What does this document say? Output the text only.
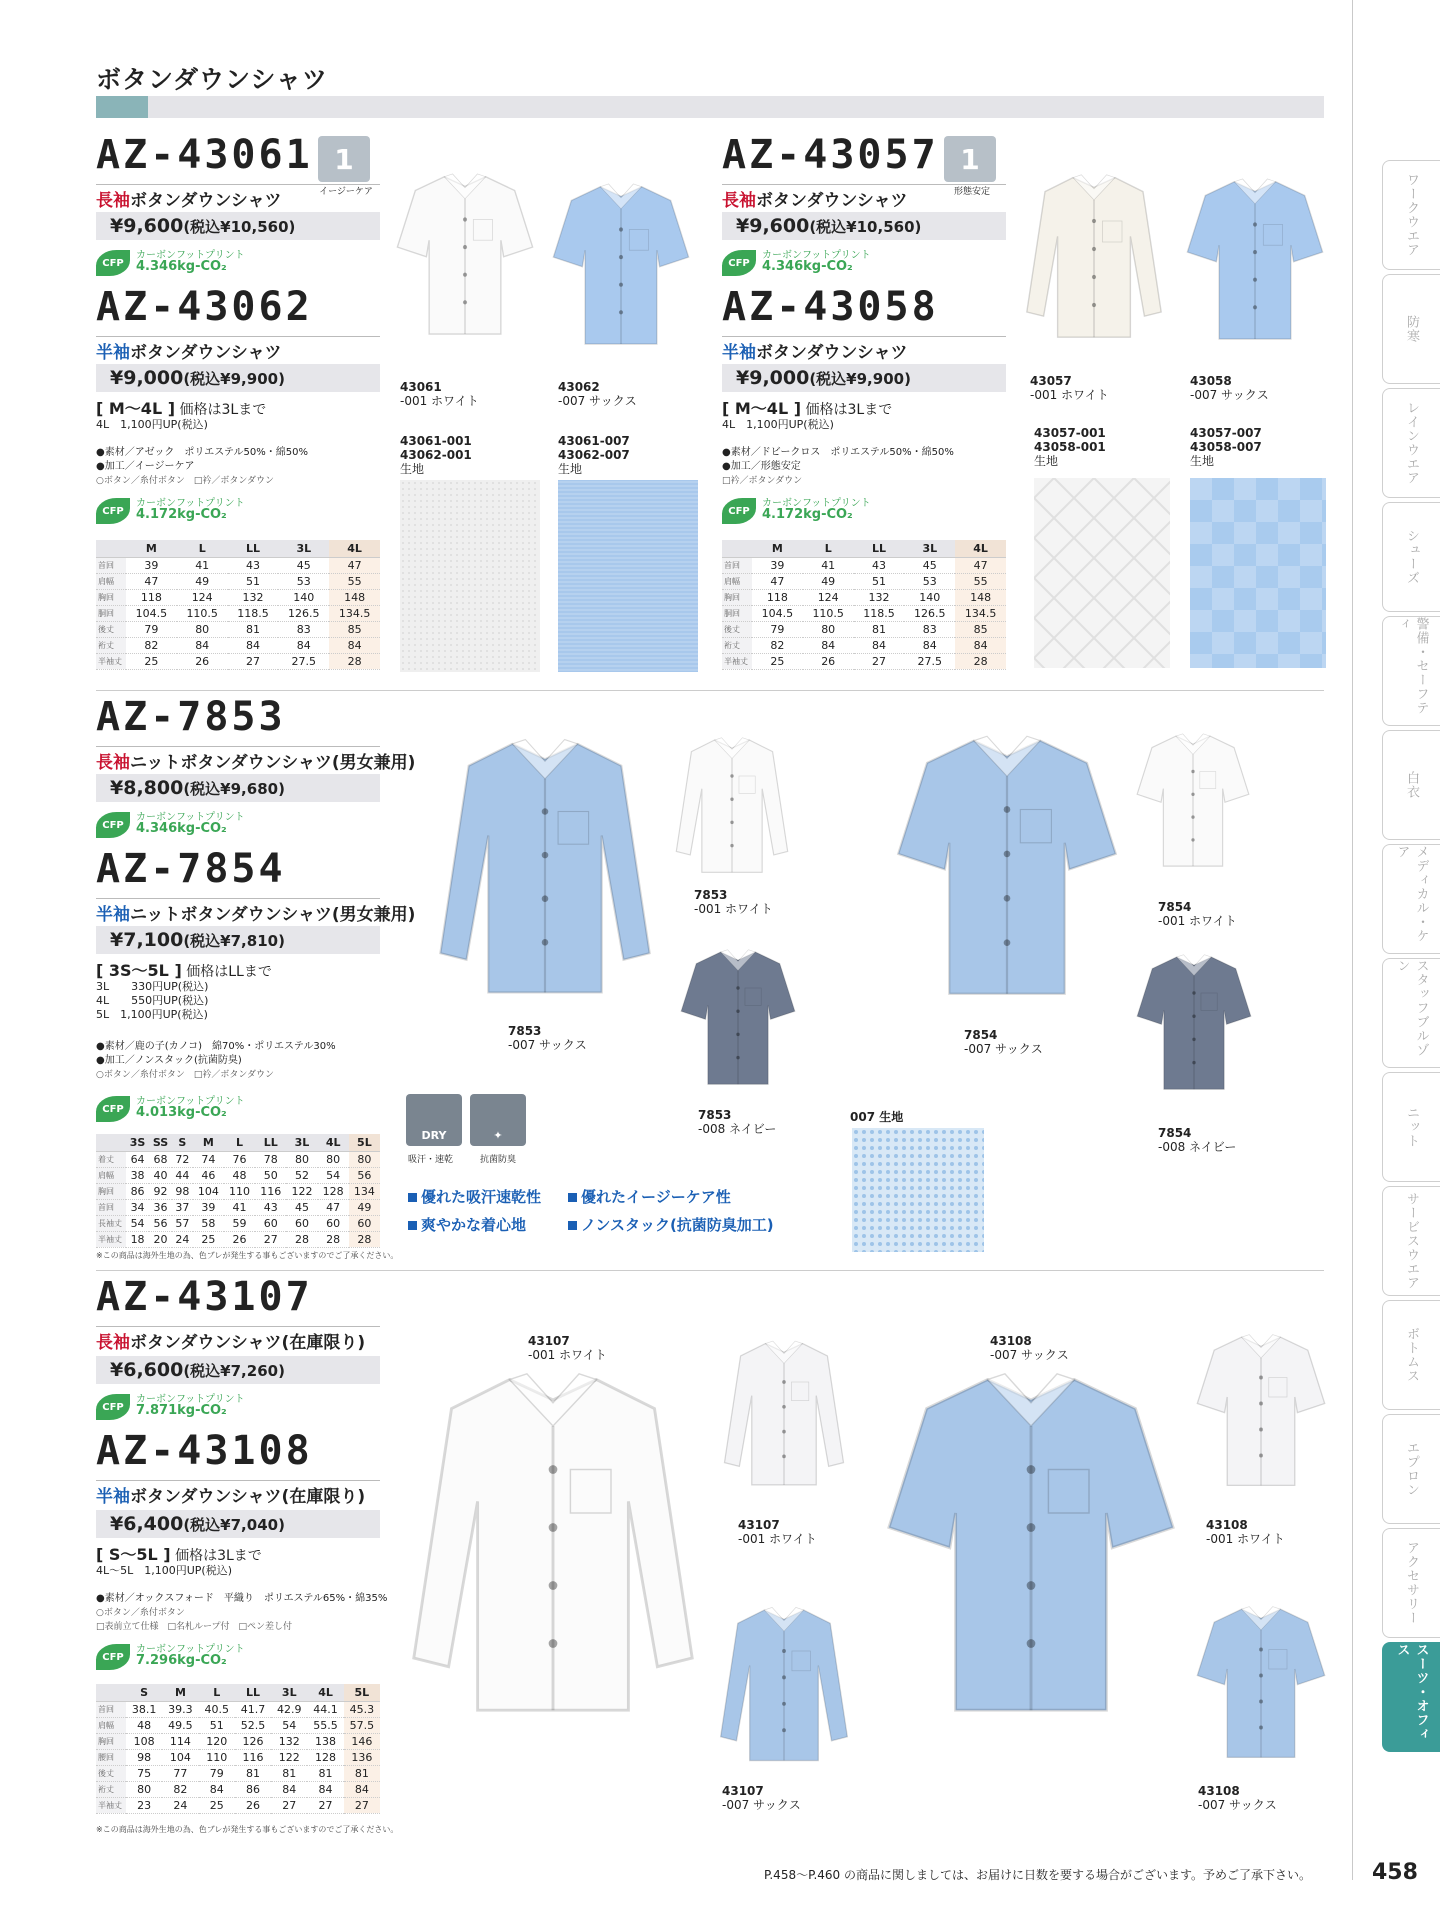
ボタンダウンシャツ
ワークウエア
防寒
レインウエア
シューズ
警備・セーフティ
白衣
メディカル・ケア
スタッフブルゾン
ニット
サービスウエア
ボトムス
エプロン
アクセサリー
スーツ・オフィス
AZ-43061 1
イージーケア
長袖ボタンダウンシャツ
¥9,600(税込¥10,560)
CFP
カーボンフットプリント
4.346kg-CO₂
AZ-43062
半袖ボタンダウンシャツ
¥9,000(税込¥9,900)
[ M～4L ] 価格は3Lまで
4L　1,100円UP(税込)
●素材／アゼック　ポリエステル50%・綿50%
●加工／イージーケア
○ボタン／糸付ボタン　□衿／ボタンダウン
CFP
カーボンフットプリント
4.172kg-CO₂
	M	L	LL	3L	4L
首回	39	41	43	45	47
肩幅	47	49	51	53	55
胸回	118	124	132	140	148
胴回	104.5	110.5	118.5	126.5	134.5
後丈	79	80	81	83	85
裄丈	82	84	84	84	84
半袖丈	25	26	27	27.5	28
43061
-001 ホワイト
43062
-007 サックス
43061-001
43062-001
生地
43061-007
43062-007
生地
AZ-43057 1
形態安定
長袖ボタンダウンシャツ
¥9,600(税込¥10,560)
CFP
カーボンフットプリント
4.346kg-CO₂
AZ-43058
半袖ボタンダウンシャツ
¥9,000(税込¥9,900)
[ M～4L ] 価格は3Lまで
4L　1,100円UP(税込)
●素材／ドビークロス　ポリエステル50%・綿50%
●加工／形態安定
□衿／ボタンダウン
CFP
カーボンフットプリント
4.172kg-CO₂
	M	L	LL	3L	4L
首回	39	41	43	45	47
肩幅	47	49	51	53	55
胸回	118	124	132	140	148
胴回	104.5	110.5	118.5	126.5	134.5
後丈	79	80	81	83	85
裄丈	82	84	84	84	84
半袖丈	25	26	27	27.5	28
43057
-001 ホワイト
43058
-007 サックス
43057-001
43058-001
生地
43057-007
43058-007
生地
AZ-7853
長袖ニットボタンダウンシャツ(男女兼用)
¥8,800(税込¥9,680)
CFP
カーボンフットプリント
4.346kg-CO₂
AZ-7854
半袖ニットボタンダウンシャツ(男女兼用)
¥7,100(税込¥7,810)
[ 3S～5L ] 価格はLLまで
3L　　330円UP(税込)
4L　　550円UP(税込)
5L　1,100円UP(税込)
●素材／鹿の子(カノコ)　綿70%・ポリエステル30%
●加工／ノンスタック(抗菌防臭)
○ボタン／糸付ボタン　□衿／ボタンダウン
CFP
カーボンフットプリント
4.013kg-CO₂
	3S	SS	S	M	L	LL	3L	4L	5L
着丈	64	68	72	74	76	78	80	80	80
肩幅	38	40	44	46	48	50	52	54	56
胸回	86	92	98	104	110	116	122	128	134
首回	34	36	37	39	41	43	45	47	49
長袖丈	54	56	57	58	59	60	60	60	60
半袖丈	18	20	24	25	26	27	28	28	28
※この商品は海外生地の為、色ブレが発生する事もございますのでご了承ください。
7853
-001 ホワイト
7853
-007 サックス
7853
-008 ネイビー
7854
-001 ホワイト
7854
-007 サックス
7854
-008 ネイビー
DRY	✦
吸汗・速乾	抗菌防臭
007 生地
優れた吸汗速乾性	優れたイージーケア性
爽やかな着心地	ノンスタック(抗菌防臭加工)
AZ-43107
長袖ボタンダウンシャツ(在庫限り)
¥6,600(税込¥7,260)
CFP
カーボンフットプリント
7.871kg-CO₂
AZ-43108
半袖ボタンダウンシャツ(在庫限り)
¥6,400(税込¥7,040)
[ S～5L ] 価格は3Lまで
4L～5L　1,100円UP(税込)
●素材／オックスフォード　平織り　ポリエステル65%・綿35%
○ボタン／糸付ボタン
□表前立て仕様　□名札ループ付　□ペン差し付
CFP
カーボンフットプリント
7.296kg-CO₂
	S	M	L	LL	3L	4L	5L
首回	38.1	39.3	40.5	41.7	42.9	44.1	45.3
肩幅	48	49.5	51	52.5	54	55.5	57.5
胸回	108	114	120	126	132	138	146
腰回	98	104	110	116	122	128	136
後丈	75	77	79	81	81	81	81
裄丈	80	82	84	86	84	84	84
半袖丈	23	24	25	26	27	27	27
※この商品は海外生地の為、色ブレが発生する事もございますのでご了承ください。
43107
-001 ホワイト
43107
-001 ホワイト
43107
-007 サックス
43108
-007 サックス
43108
-001 ホワイト
43108
-007 サックス
P.458～P.460 の商品に関しましては、お届けに日数を要する場合がございます。予めご了承下さい。	458
